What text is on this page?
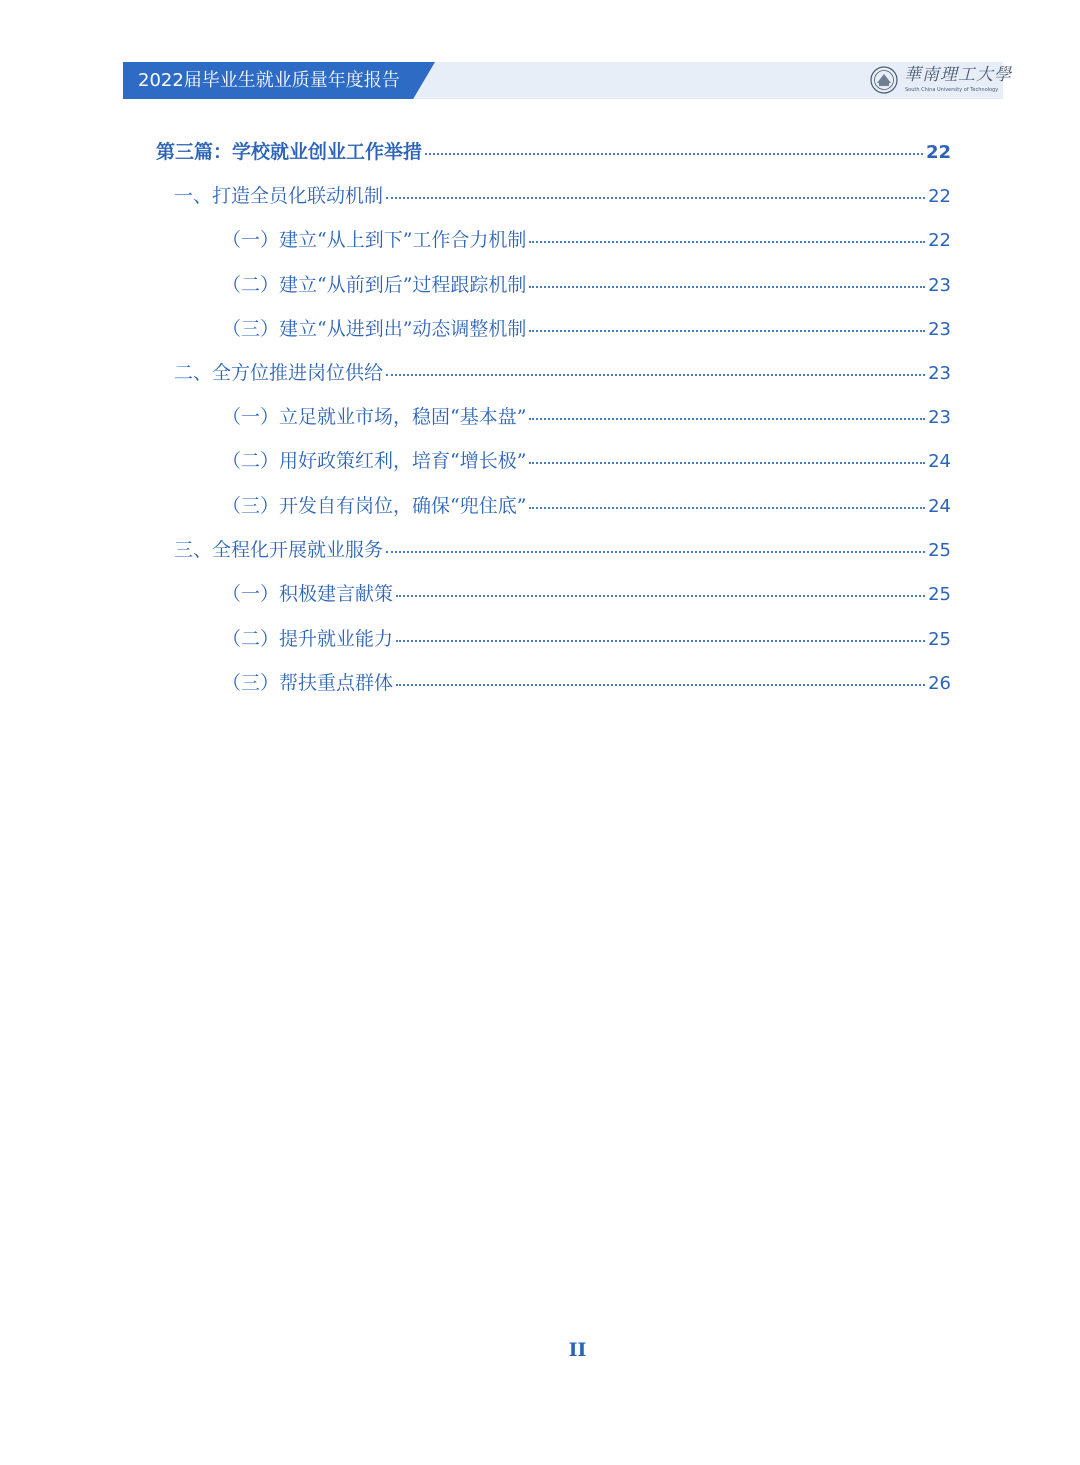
2022届毕业生就业质量年度报告	華南理工大學
South China University of Technology
第三篇：学校就业创业工作举措	22
一、打造全员化联动机制	22
（一）建立“从上到下”工作合力机制	22
（二）建立“从前到后”过程跟踪机制	23
（三）建立“从进到出”动态调整机制	23
二、全方位推进岗位供给	23
（一）立足就业市场，稳固“基本盘”	23
（二）用好政策红利，培育“增长极”	24
（三）开发自有岗位，确保“兜住底”	24
三、全程化开展就业服务	25
（一）积极建言献策	25
（二）提升就业能力	25
（三）帮扶重点群体	26
II
